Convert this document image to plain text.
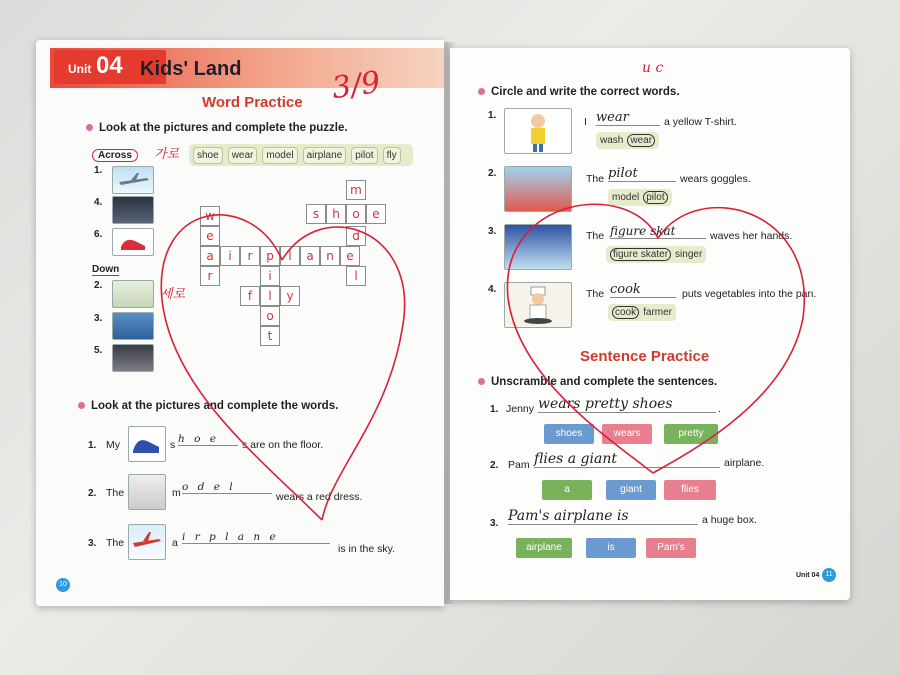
Unit 04 Kids' Land	3/9
Word Practice
Look at the pictures and complete the puzzle.
Across	가로
Down
세로
shoe	wear	model	airplane	pilot	fly
1.
4.
6.
2.
3.
5.
a	i	r	p	l	a	n	e
w
e
r	i
l
o
t
f	y
m
d
l
s	h	o	e
Look at the pictures and complete the words.
1. My	s h o e	s are on the floor.
2. The	m o d e l
wears a red dress.
3. The	a i r p l a n e
is in the sky.
10
u c
Circle and write the correct words.
1.
I wear	a yellow T-shirt.
wash wear
2.	The pilot	wears goggles.
model pilot
3.	The figure skat	waves her hands.
figure skater singer
4.	The cook	puts vegetables into the pan.
cook farmer
Sentence Practice
Unscramble and complete the sentences.
1. Jenny wears pretty shoes	.
shoes	wears	pretty
2. Pam flies a giant	airplane.
a	giant	flies
3. Pam's airplane is	a huge box.
airplane	is	Pam's
Unit 04 11
